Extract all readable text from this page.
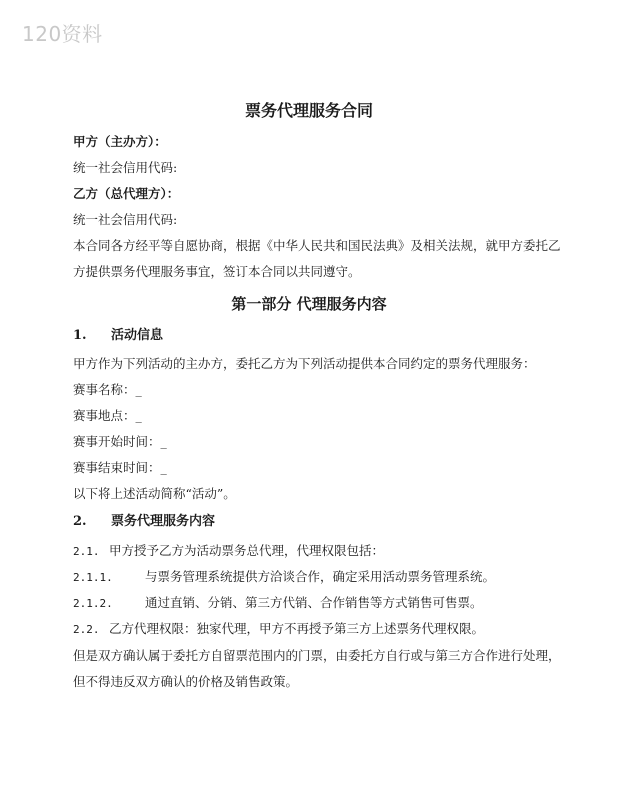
120资料
票务代理服务合同
甲方（主办方）：
统一社会信用代码:
乙方（总代理方）：
统一社会信用代码:
本合同各方经平等自愿协商，根据《中华人民共和国民法典》及相关法规，就甲方委托乙
方提供票务代理服务事宜，签订本合同以共同遵守。
第一部分 代理服务内容
1. 活动信息
甲方作为下列活动的主办方，委托乙方为下列活动提供本合同约定的票务代理服务：
赛事名称：_
赛事地点：_
赛事开始时间：_
赛事结束时间：_
以下将上述活动简称“活动”。
2. 票务代理服务内容
2.1. 甲方授予乙方为活动票务总代理，代理权限包括：
2.1.1.	与票务管理系统提供方洽谈合作，确定采用活动票务管理系统。
2.1.2.	通过直销、分销、第三方代销、合作销售等方式销售可售票。
2.2. 乙方代理权限：独家代理，甲方不再授予第三方上述票务代理权限。
但是双方确认属于委托方自留票范围内的门票，由委托方自行或与第三方合作进行处理，
但不得违反双方确认的价格及销售政策。
